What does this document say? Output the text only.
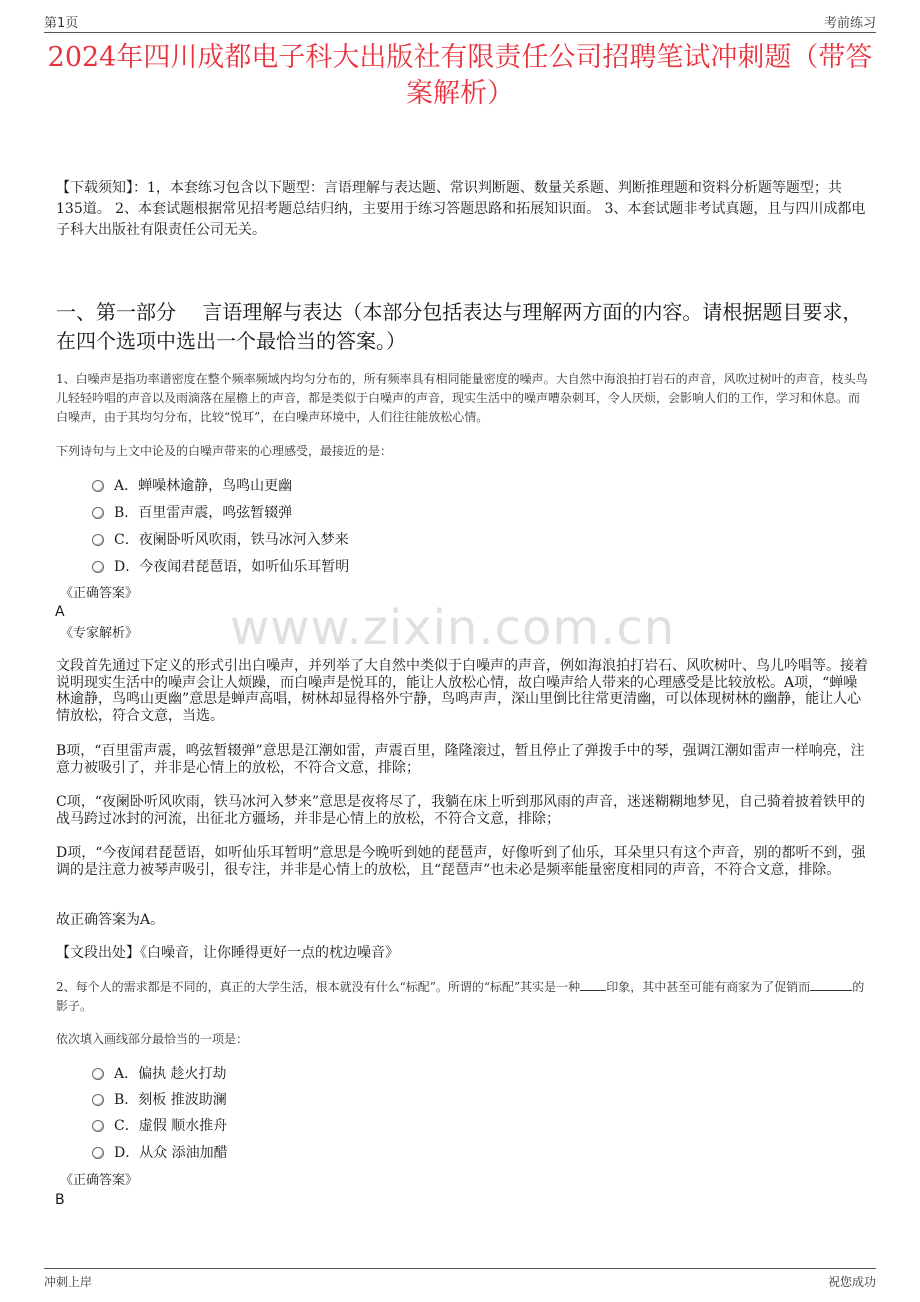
第1页	考前练习
2024年四川成都电子科大出版社有限责任公司招聘笔试冲刺题（带答案解析）
【下载须知】：1，本套练习包含以下题型：言语理解与表达题、常识判断题、数量关系题、判断推理题和资料分析题等题型；共135道。 2、本套试题根据常见招考题总结归纳，主要用于练习答题思路和拓展知识面。 3、本套试题非考试真题，且与四川成都电子科大出版社有限责任公司无关。
一、第一部分　 言语理解与表达（本部分包括表达与理解两方面的内容。请根据题目要求，在四个选项中选出一个最恰当的答案。）
www.zixin.com.cn
1、白噪声是指功率谱密度在整个频率频域内均匀分布的，所有频率具有相同能量密度的噪声。大自然中海浪拍打岩石的声音，风吹过树叶的声音，枝头鸟儿轻轻吟唱的声音以及雨滴落在屋檐上的声音，都是类似于白噪声的声音，现实生活中的噪声嘈杂刺耳，令人厌烦，会影响人们的工作，学习和休息。而白噪声，由于其均匀分布，比较“悦耳”，在白噪声环境中，人们往往能放松心情。
下列诗句与上文中论及的白噪声带来的心理感受，最接近的是：
A．蝉噪林逾静，鸟鸣山更幽
B．百里雷声震，鸣弦暂辍弹
C．夜阑卧听风吹雨，铁马冰河入梦来
D．今夜闻君琵琶语，如听仙乐耳暂明
《正确答案》
A
《专家解析》
文段首先通过下定义的形式引出白噪声，并列举了大自然中类似于白噪声的声音，例如海浪拍打岩石、风吹树叶、鸟儿吟唱等。接着说明现实生活中的噪声会让人烦躁，而白噪声是悦耳的，能让人放松心情，故白噪声给人带来的心理感受是比较放松。A项，“蝉噪林逾静，鸟鸣山更幽”意思是蝉声高唱，树林却显得格外宁静，鸟鸣声声，深山里倒比往常更清幽，可以体现树林的幽静，能让人心情放松，符合文意，当选。
B项，“百里雷声震，鸣弦暂辍弹”意思是江潮如雷，声震百里，隆隆滚过，暂且停止了弹拨手中的琴，强调江潮如雷声一样响亮，注意力被吸引了，并非是心情上的放松，不符合文意，排除；
C项，“夜阑卧听风吹雨，铁马冰河入梦来”意思是夜将尽了，我躺在床上听到那风雨的声音，迷迷糊糊地梦见，自己骑着披着铁甲的战马跨过冰封的河流，出征北方疆场，并非是心情上的放松，不符合文意，排除；
D项，“今夜闻君琵琶语，如听仙乐耳暂明”意思是今晚听到她的琵琶声，好像听到了仙乐，耳朵里只有这个声音，别的都听不到，强调的是注意力被琴声吸引，很专注，并非是心情上的放松，且“琵琶声”也未必是频率能量密度相同的声音，不符合文意，排除。
故正确答案为A。
【文段出处】《白噪音，让你睡得更好一点的枕边噪音》
2、每个人的需求都是不同的，真正的大学生活，根本就没有什么“标配”。所谓的“标配”其实是一种 印象，其中甚至可能有商家为了促销而	的影子。
依次填入画线部分最恰当的一项是：
A．偏执 趁火打劫
B．刻板 推波助澜
C．虚假 顺水推舟
D．从众 添油加醋
《正确答案》
B
冲刺上岸	祝您成功
